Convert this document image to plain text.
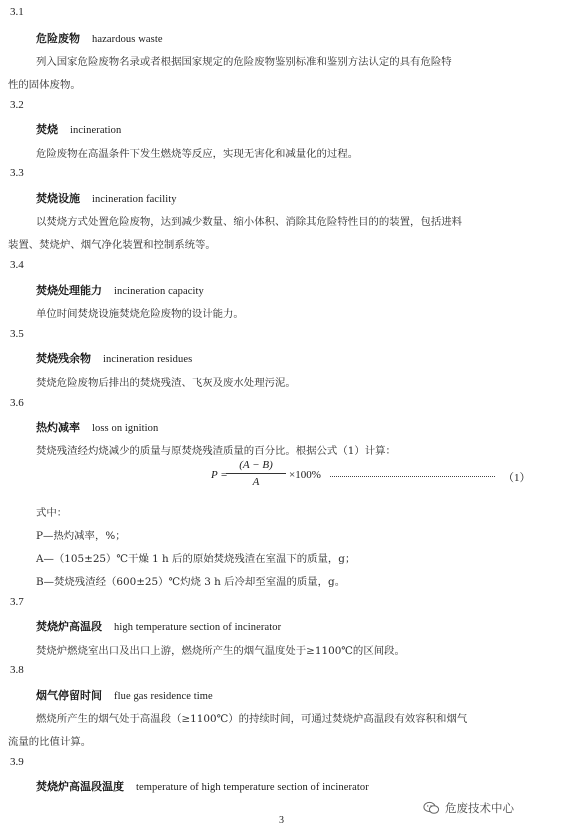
3.1
危险废物 hazardous waste
列入国家危险废物名录或者根据国家规定的危险废物鉴别标准和鉴别方法认定的具有危险特
性的固体废物。
3.2
焚烧 incineration
危险废物在高温条件下发生燃烧等反应，实现无害化和减量化的过程。
3.3
焚烧设施 incineration facility
以焚烧方式处置危险废物，达到减少数量、缩小体积、消除其危险特性目的的装置，包括进料
装置、焚烧炉、烟气净化装置和控制系统等。
3.4
焚烧处理能力 incineration capacity
单位时间焚烧设施焚烧危险废物的设计能力。
3.5
焚烧残余物 incineration residues
焚烧危险废物后排出的焚烧残渣、飞灰及废水处理污泥。
3.6
热灼减率 loss on ignition
焚烧残渣经灼烧减少的质量与原焚烧残渣质量的百分比。根据公式（1）计算：
P =
(A − B)
A
×100%	（1）
式中：
P—热灼减率，%；
A—（105±25）℃干燥 1 h 后的原始焚烧残渣在室温下的质量，g；
B—焚烧残渣经（600±25）℃灼烧 3 h 后冷却至室温的质量，g。
3.7
焚烧炉高温段 high temperature section of incinerator
焚烧炉燃烧室出口及出口上游，燃烧所产生的烟气温度处于≥1100℃的区间段。
3.8
烟气停留时间 flue gas residence time
燃烧所产生的烟气处于高温段（≥1100℃）的持续时间，可通过焚烧炉高温段有效容积和烟气
流量的比值计算。
3.9
焚烧炉高温段温度 temperature of high temperature section of incinerator
危废技术中心
3
